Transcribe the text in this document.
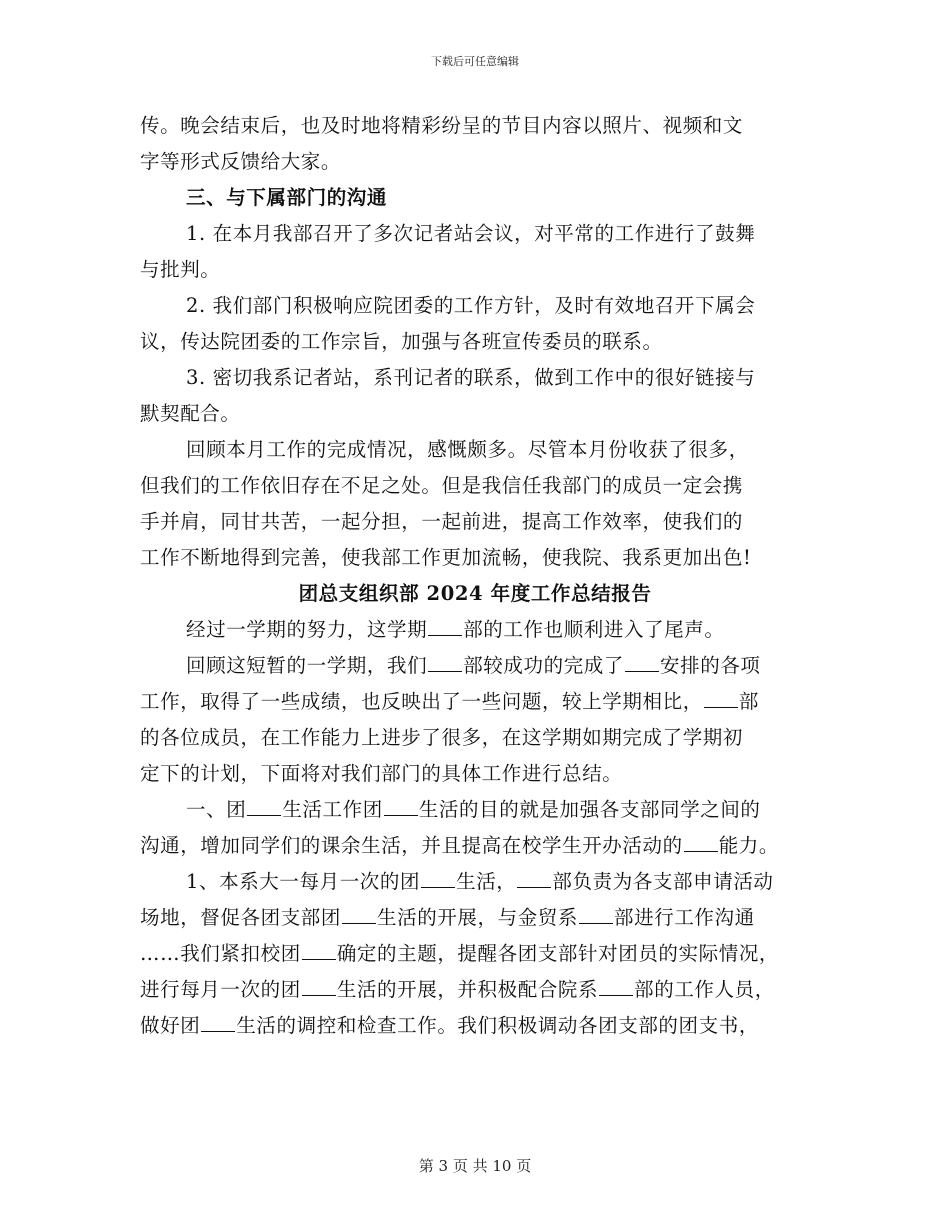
下载后可任意编辑

传。晚会结束后，也及时地将精彩纷呈的节目内容以照片、视频和文

字等形式反馈给大家。

三、与下属部门的沟通

1. 在本月我部召开了多次记者站会议，对平常的工作进行了鼓舞

与批判。

2. 我们部门积极响应院团委的工作方针，及时有效地召开下属会

议，传达院团委的工作宗旨，加强与各班宣传委员的联系。

3. 密切我系记者站，系刊记者的联系，做到工作中的很好链接与

默契配合。

回顾本月工作的完成情况，感慨颇多。尽管本月份收获了很多，

但我们的工作依旧存在不足之处。但是我信任我部门的成员一定会携

手并肩，同甘共苦，一起分担，一起前进，提高工作效率，使我们的

工作不断地得到完善，使我部工作更加流畅，使我院、我系更加出色!

团总支组织部 2024 年度工作总结报告

经过一学期的努力，这学期 部的工作也顺利进入了尾声。

回顾这短暂的一学期，我们 部较成功的完成了 安排的各项

工作，取得了一些成绩，也反映出了一些问题，较上学期相比， 部

的各位成员，在工作能力上进步了很多，在这学期如期完成了学期初

定下的计划，下面将对我们部门的具体工作进行总结。

一、团 生活工作团 生活的目的就是加强各支部同学之间的

沟通，增加同学们的课余生活，并且提高在校学生开办活动的 能力。

1、本系大一每月一次的团 生活， 部负责为各支部申请活动

场地，督促各团支部团 生活的开展，与金贸系 部进行工作沟通

……我们紧扣校团 确定的主题，提醒各团支部针对团员的实际情况，

进行每月一次的团 生活的开展，并积极配合院系 部的工作人员，

做好团 生活的调控和检查工作。我们积极调动各团支部的团支书，

第 3 页 共 10 页
